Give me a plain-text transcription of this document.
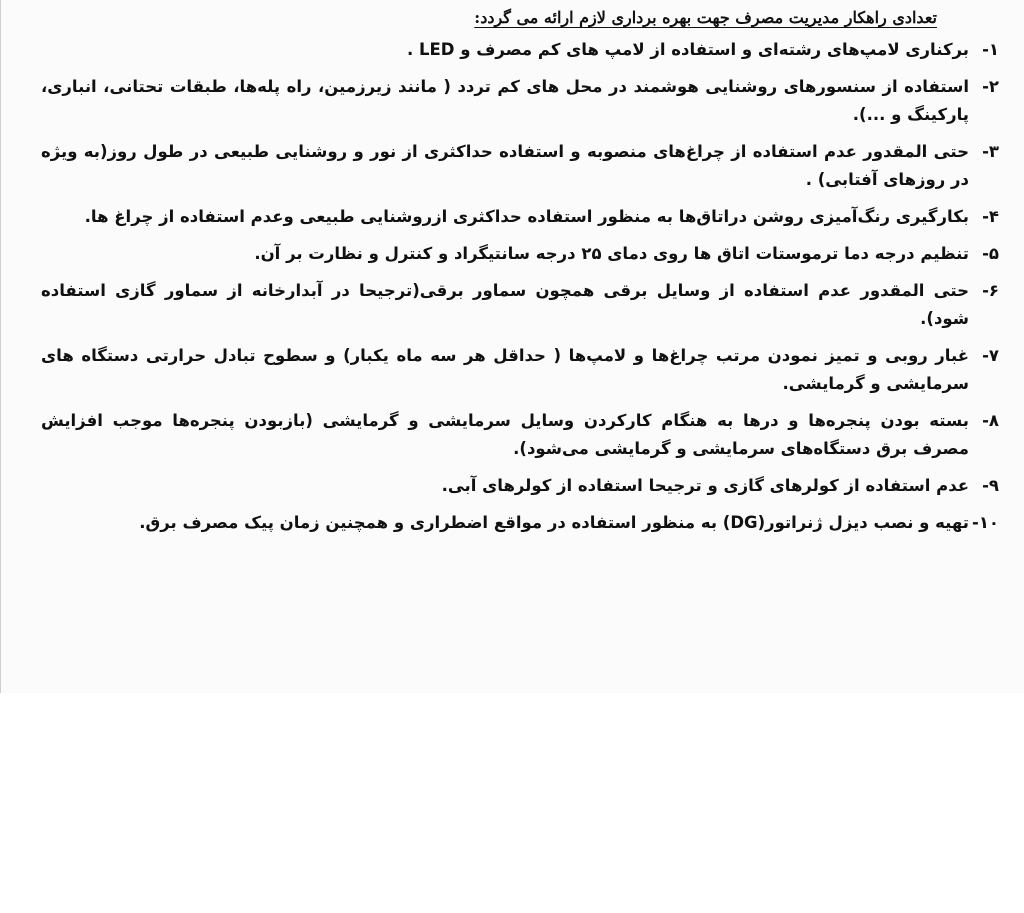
تعدادی راهکار مدیریت مصرف جهت بهره برداری لازم ارائه می گردد:
۱-
برکناری لامپ‌های رشته‌ای و استفاده از لامپ های کم مصرف و LED .
۲-
استفاده از سنسورهای روشنایی هوشمند در محل های کم تردد ( مانند زیرزمین، راه پله‌ها، طبقات تحتانی، انباری، پارکینگ و ...).
۳-
حتی المقدور عدم استفاده از چراغ‌های منصوبه و استفاده حداکثری از نور و روشنایی طبیعی در طول روز(به ویژه در روزهای آفتابی) .
۴-
بکارگیری رنگ‌آمیزی روشن دراتاق‌ها به منظور استفاده حداکثری ازروشنایی طبیعی وعدم استفاده از چراغ ها.
۵-
تنظیم درجه دما ترموستات اتاق ها روی دمای ۲۵ درجه سانتیگراد و کنترل و نظارت بر آن.
۶-
حتی المقدور عدم استفاده از وسایل برقی همچون سماور برقی(ترجیحا در آبدارخانه از سماور گازی استفاده شود).
۷-
غبار روبی و تمیز نمودن مرتب چراغ‌ها و لامپ‌ها ( حداقل هر سه ماه یکبار) و سطوح تبادل حرارتی دستگاه های سرمایشی و گرمایشی.
۸-
بسته بودن پنجره‌ها و درها به هنگام کارکردن وسایل سرمایشی و گرمایشی (بازبودن پنجره‌ها موجب افزایش مصرف برق دستگاه‌های سرمایشی و گرمایشی می‌شود).
۹-
عدم استفاده از کولرهای گازی و ترجیحا استفاده از کولرهای آبی.
۱۰-
تهیه و نصب دیزل ژنراتور(DG) به منظور استفاده در مواقع اضطراری و همچنین زمان پیک مصرف برق.
